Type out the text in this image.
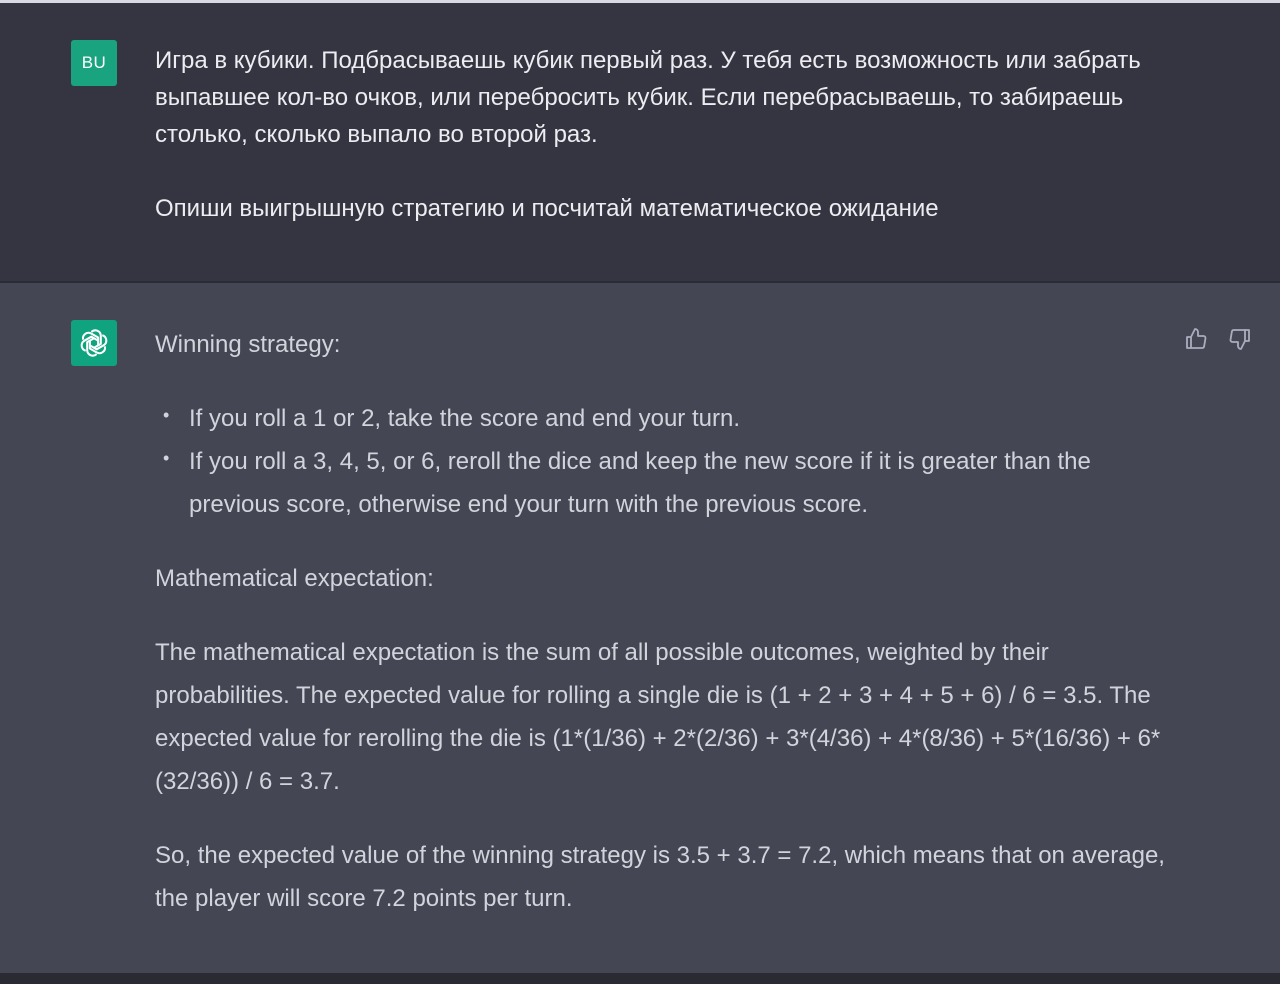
BU Игра в кубики. Подбрасываешь кубик первый раз. У тебя есть возможность или забрать выпавшее кол-во очков, или перебросить кубик. Если перебрасываешь, то забираешь столько, сколько выпало во второй раз.

Опиши выигрышную стратегию и посчитай математическое ожидание

Winning strategy:

• If you roll a 1 or 2, take the score and end your turn.
• If you roll a 3, 4, 5, or 6, reroll the dice and keep the new score if it is greater than the previous score, otherwise end your turn with the previous score.

Mathematical expectation:

The mathematical expectation is the sum of all possible outcomes, weighted by their probabilities. The expected value for rolling a single die is (1 + 2 + 3 + 4 + 5 + 6) / 6 = 3.5. The expected value for rerolling the die is (1*(1/36) + 2*(2/36) + 3*(4/36) + 4*(8/36) + 5*(16/36) + 6*(32/36)) / 6 = 3.7.

So, the expected value of the winning strategy is 3.5 + 3.7 = 7.2, which means that on average, the player will score 7.2 points per turn.
